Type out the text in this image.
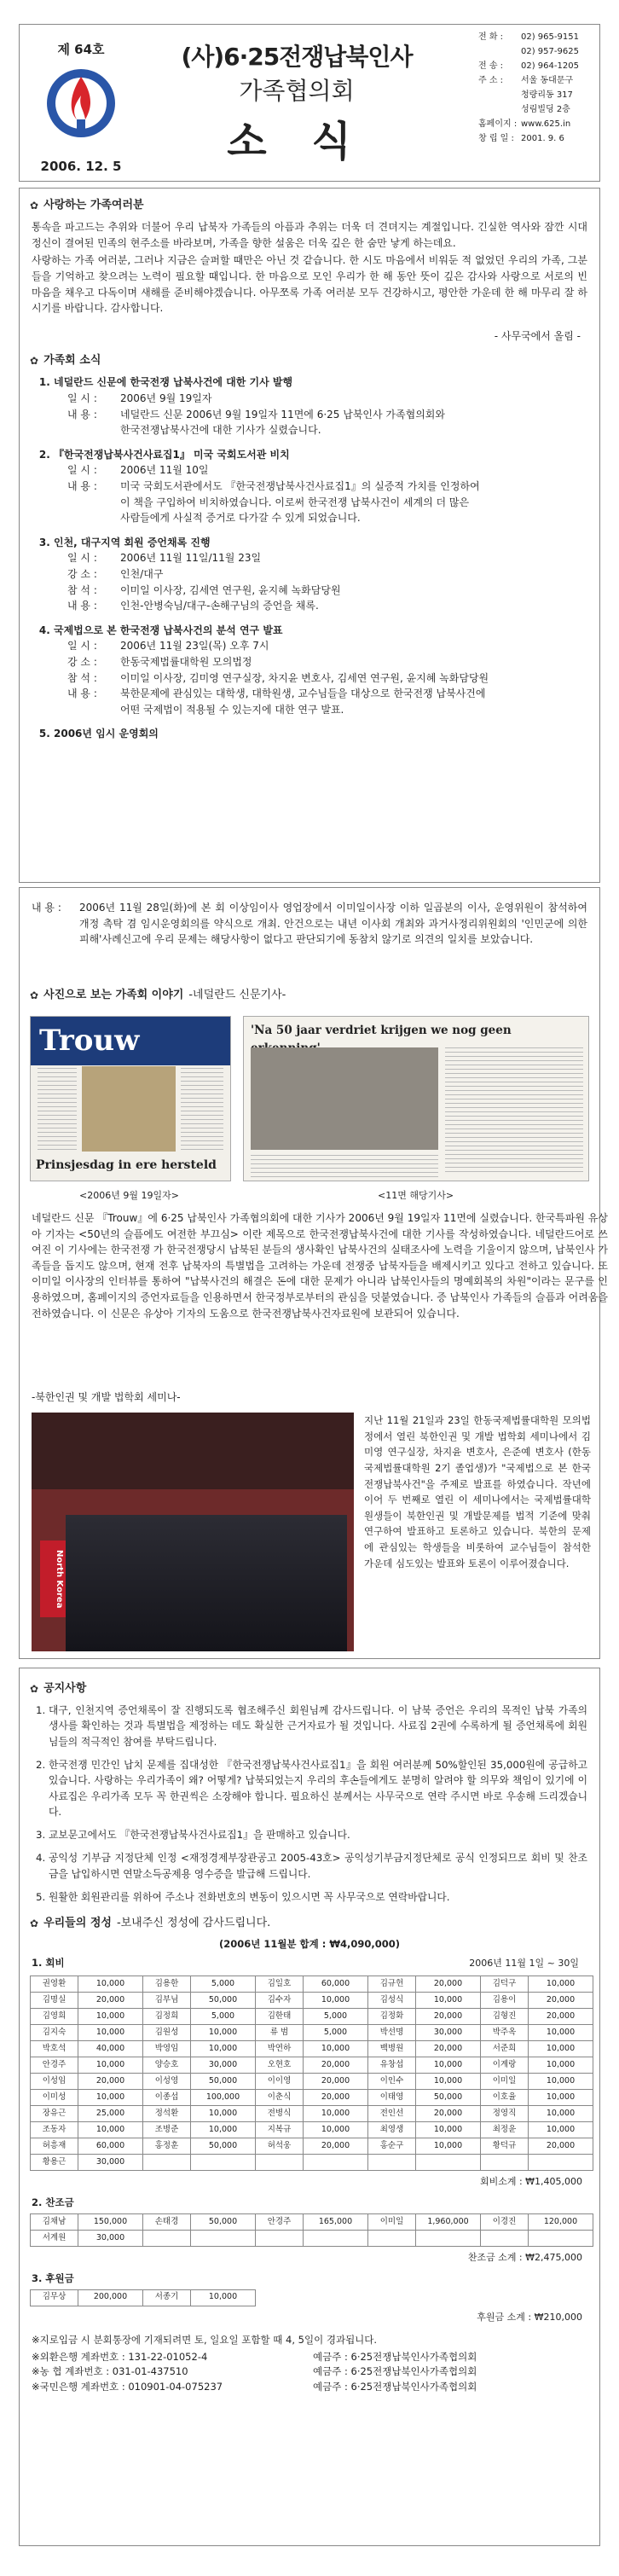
제 64호
2006. 12. 5
(사)6·25전쟁납북인사
가족협의회
소 식
전 화 :	02) 965-9151
02) 957-9625
전 송 :	02) 964-1205
주 소 :	서울 동대문구
청량리동 317
성림빌딩 2층
홈페이지 : www.625.in
창 립 일 : 2001. 9. 6
✿ 사랑하는 가족여러분

통속을 파고드는 추위와 더불어 우리 납북자 가족들의 아픔과 추위는 더욱 더 견뎌지는 계절입니다. 긴실한 역사와 잠깐 시대정신이 결여된 민족의 현주소를 바라보며, 가족을 향한 설움은 더욱 깊은 한 숨만 낳게 하는데요.

사랑하는 가족 여러분, 그러나 지금은 슬퍼할 때만은 아닌 것 같습니다. 한 시도 마음에서 비워둔 적 없었던 우리의 가족, 그분들을 기억하고 찾으려는 노력이 필요할 때입니다. 한 마음으로 모인 우리가 한 해 동안 뜻이 깊은 감사와 사랑으로 서로의 빈 마음을 채우고 다독이며 새해를 준비해야겠습니다. 아무쪼록 가족 여러분 모두 건강하시고, 평안한 가운데 한 해 마무리 잘 하시기를 바랍니다. 감사합니다.

- 사무국에서 올림 -
✿ 가족회 소식
1. 네덜란드 신문에 한국전쟁 납북사건에 대한 기사 발행
일 시 :	2006년 9월 19일자
내 용 :	네덜란드 신문 2006년 9월 19일자 11면에 6·25 납북인사 가족협의회와
한국전쟁납북사건에 대한 기사가 실렸습니다.
2. 『한국전쟁납북사건사료집1』 미국 국회도서관 비치
일 시 :	2006년 11월 10일
내 용 :	미국 국회도서관에서도 『한국전쟁납북사건사료집1』의 실증적 가치를 인정하여
이 책을 구입하여 비치하였습니다. 이로써 한국전쟁 납북사건이 세계의 더 많은
사람들에게 사실적 증거로 다가갈 수 있게 되었습니다.
3. 인천, 대구지역 회원 증언채록 진행
일 시 :	2006년 11월 11일/11월 23일
강 소 :	인천/대구
참 석 :	이미일 이사장, 김세연 연구원, 윤지혜 녹화담당원
내 용 :	인천-안병숙님/대구-손해구님의 증언을 채록.
4. 국제법으로 본 한국전쟁 납북사건의 분석 연구 발표
일 시 :	2006년 11월 23일(목) 오후 7시
강 소 :	한동국제법률대학원 모의법정
참 석 :	이미일 이사장, 김미영 연구실장, 차지윤 변호사, 김세연 연구원, 윤지혜 녹화담당원
내 용 :	북한문제에 관심있는 대학생, 대학원생, 교수님들을 대상으로 한국전쟁 납북사건에
어떤 국제법이 적용될 수 있는지에 대한 연구 발표.
5. 2006년 임시 운영회의
내 용 :	2006년 11월 28일(화)에 본 회 이상임이사 영업장에서 이미일이사장 이하 일곱분의 이사, 운영위원이 참석하여 개정 촉탁 겸 임시운영회의를 약식으로 개최. 안건으로는 내년 이사회 개최와 과거사정리위원회의 '인민군에 의한 피해'사례신고에 우리 문제는 해당사항이 없다고 판단되기에 동참치 않기로 의견의 일치를 보았습니다.
✿ 사진으로 보는 가족회 이야기 -네덜란드 신문기사-
Trouw
Prinsjesdag in ere hersteld
'Na 50 jaar verdriet krijgen we nog geen
<2006년 9월 19일자>	<11면 해당기사>

네덜란드 신문 『Trouw』에 6·25 납북인사 가족협의회에 대한 기사가 2006년 9월 19일자 11면에 실렸습니다. 한국특파원 유상아 기자는 <50년의 슬픔에도 여전한 부끄심> 이란 제목으로 한국전쟁납북사건에 대한 기사를 작성하였습니다. 네덜란드어로 쓰여진 이 기사에는 한국전쟁 가 한국전쟁당시 납북된 분들의 생사확인 납북사건의 실태조사에 노력을 기울이지 않으며, 납북인사 가족들을 돕지도 않으며, 현재 전후 납북자의 특별법을 고려하는 가운데 전쟁중 납북자들을 배제시키고 있다고 전하고 있습니다. 또 이미일 이사장의 인터뷰를 통하여 "납북사건의 해결은 돈에 대한 문제가 아니라 납북인사들의 명예회복의 차원"이라는 문구를 인용하였으며, 홈페이지의 증언자료들을 인용하면서 한국정부로부터의 관심을 덧붙였습니다. 증 납북인사 가족들의 슬픔과 어려움을 전하였습니다. 이 신문은 유상아 기자의 도움으로 한국전쟁납북사건자료원에 보관되어 있습니다.

-북한인권 및 개발 법학회 세미나-
North Korea

지난 11월 21일과 23일 한동국제법률대학원 모의법정에서 열린 북한인권 및 개발 법학회 세미나에서 김미영 연구실장, 차지윤 변호사, 은준예 변호사 (한동국제법률대학원 2기 졸업생)가 "국제법으로 본 한국전쟁납북사건"을 주제로 발표를 하였습니다. 작년에 이어 두 번째로 열린 이 세미나에서는 국제법률대학원생들이 북한인권 및 개발문제를 법적 기준에 맞춰 연구하여 발표하고 토론하고 있습니다. 북한의 문제에 관심있는 학생들을 비롯하여 교수님들이 참석한 가운데 심도있는 발표와 토론이 이루어졌습니다.

✿ 공지사항
1. 대구, 인천지역 증언채록이 잘 진행되도록 협조해주신 회원님께 감사드립니다. 이 남북 증언은 우리의 목적인 납북 가족의 생사를 확인하는 것과 특별법을 제정하는 데도 확실한 근거자료가 될 것입니다. 사료집 2권에 수록하게 될 증언채록에 회원님들의 적극적인 참여를 부탁드립니다.
2. 한국전쟁 민간인 납치 문제를 집대성한 『한국전쟁납북사건사료집1』을 회원 여러분께 50%할인된 35,000원에 공급하고 있습니다. 사랑하는 우리가족이 왜? 어떻게? 납북되었는지 우리의 후손들에게도 분명히 알려야 할 의무와 책임이 있기에 이 사료집은 우리가족 모두 꼭 한권씩은 소장해야 합니다. 필요하신 분께서는 사무국으로 연락 주시면 바로 우송해 드리겠습니다.
3. 교보문고에서도 『한국전쟁납북사건사료집1』을 판매하고 있습니다.
4. 공익성 기부금 지정단체 인정 <재정경제부장관공고 2005-43호> 공익성기부금지정단체로 공식 인정되므로 회비 및 찬조금을 납입하시면 연말소득공제용 영수증을 발급해 드립니다.
5. 원활한 회원관리를 위하여 주소나 전화번호의 변동이 있으시면 꼭 사무국으로 연락바랍니다.
✿ 우리들의 정성 -보내주신 정성에 감사드립니다.
(2006년 11월분 합계 : ₩4,090,000)
1. 회비	2006년 11월 1일 ~ 30일
권영환	10,000	김용한	5,000	김일호	60,000	김규헌	20,000	김덕구	10,000
김명실	20,000	김부님	50,000	김수자	10,000	김성식	10,000	김용이	20,000
김영희	10,000	김정희	5,000	김한태	5,000	김정화	20,000	김형진	20,000
김지숙	10,000	김원성	10,000	류 범	5,000	박선명	30,000	박주옥	10,000
박호석	40,000	박영임	10,000	박연하	10,000	백병원	20,000	서준희	10,000
안경주	10,000	양승호	30,000	오현호	20,000	유창섭	10,000	이계랑	10,000
이성임	20,000	이성영	50,000	이이영	20,000	이인수	10,000	이미일	10,000
이미성	10,000	이종섭	100,000	이춘식	20,000	이태영	50,000	이호율	10,000
장유근	25,000	정석환	10,000	전병식	10,000	전인선	20,000	정영직	10,000
조동자	10,000	조병준	10,000	지복규	10,000	최영생	10,000	최정윤	10,000
허흥재	60,000	홍정훈	50,000	허석웅	20,000	홍순구	10,000	황덕규	20,000
황용근	30,000								
회비소계 : ₩1,405,000
2. 찬조금
김채남	150,000	손태경	50,000	안경주	165,000	이미일	1,960,000	이경진	120,000
서계원	30,000								
찬조금 소계 : ₩2,475,000
3. 후원금
김무상	200,000	서종기	10,000
후원금 소계 : ₩210,000
※지로입금 시 분회통장에 기재되려면 토, 일요일 포함할 때 4, 5일이 경과됩니다.
※외환은행 계좌번호 : 131-22-01052-4	예금주 : 6·25전쟁납북인사가족협의회
※농 협 계좌번호 : 031-01-437510	예금주 : 6·25전쟁납북인사가족협의회
※국민은행 계좌번호 : 010901-04-075237	예금주 : 6·25전쟁납북인사가족협의회
